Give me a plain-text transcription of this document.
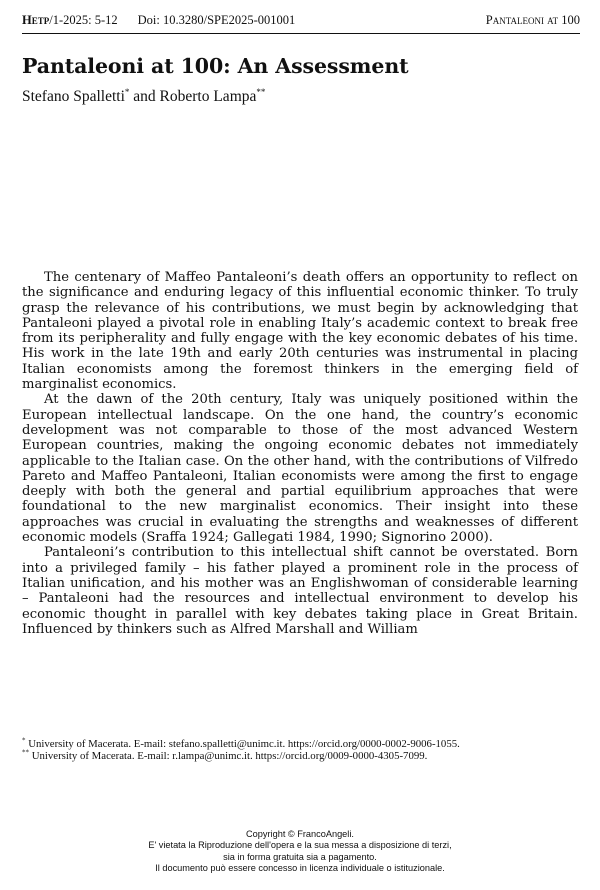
Hetp/1-2025: 5-12 Doi: 10.3280/SPE2025-001001	Pantaleoni at 100
Pantaleoni at 100: An Assessment

Stefano Spalletti* and Roberto Lampa**

The centenary of Maffeo Pantaleoni’s death offers an opportunity to reflect on the significance and enduring legacy of this influential economic thinker. To truly grasp the relevance of his contributions, we must begin by acknowledging that Pantaleoni played a pivotal role in enabling Italy’s academic context to break free from its peripherality and fully engage with the key economic debates of his time. His work in the late 19th and early 20th centuries was instrumental in placing Italian economists among the foremost thinkers in the emerging field of marginalist economics.

At the dawn of the 20th century, Italy was uniquely positioned within the European intellectual landscape. On the one hand, the country’s economic development was not comparable to those of the most advanced Western European countries, making the ongoing economic debates not immediately applicable to the Italian case. On the other hand, with the contributions of Vilfredo Pareto and Maffeo Pantaleoni, Italian economists were among the first to engage deeply with both the general and partial equilibrium approaches that were foundational to the new marginalist economics. Their insight into these approaches was crucial in evaluating the strengths and weaknesses of different economic models (Sraffa 1924; Gallegati 1984, 1990; Signorino 2000).

Pantaleoni’s contribution to this intellectual shift cannot be overstated. Born into a privileged family – his father played a prominent role in the process of Italian unification, and his mother was an Englishwoman of considerable learning – Pantaleoni had the resources and intellectual environment to develop his economic thought in parallel with key debates taking place in Great Britain. Influenced by thinkers such as Alfred Marshall and William

* University of Macerata. E-mail: stefano.spalletti@unimc.it. https://orcid.org/0000-0002-9006-1055.

** University of Macerata. E-mail: r.lampa@unimc.it. https://orcid.org/0009-0000-4305-7099.

Copyright © FrancoAngeli.
E' vietata la Riproduzione dell'opera e la sua messa a disposizione di terzi,
sia in forma gratuita sia a pagamento.
Il documento può essere concesso in licenza individuale o istituzionale.
